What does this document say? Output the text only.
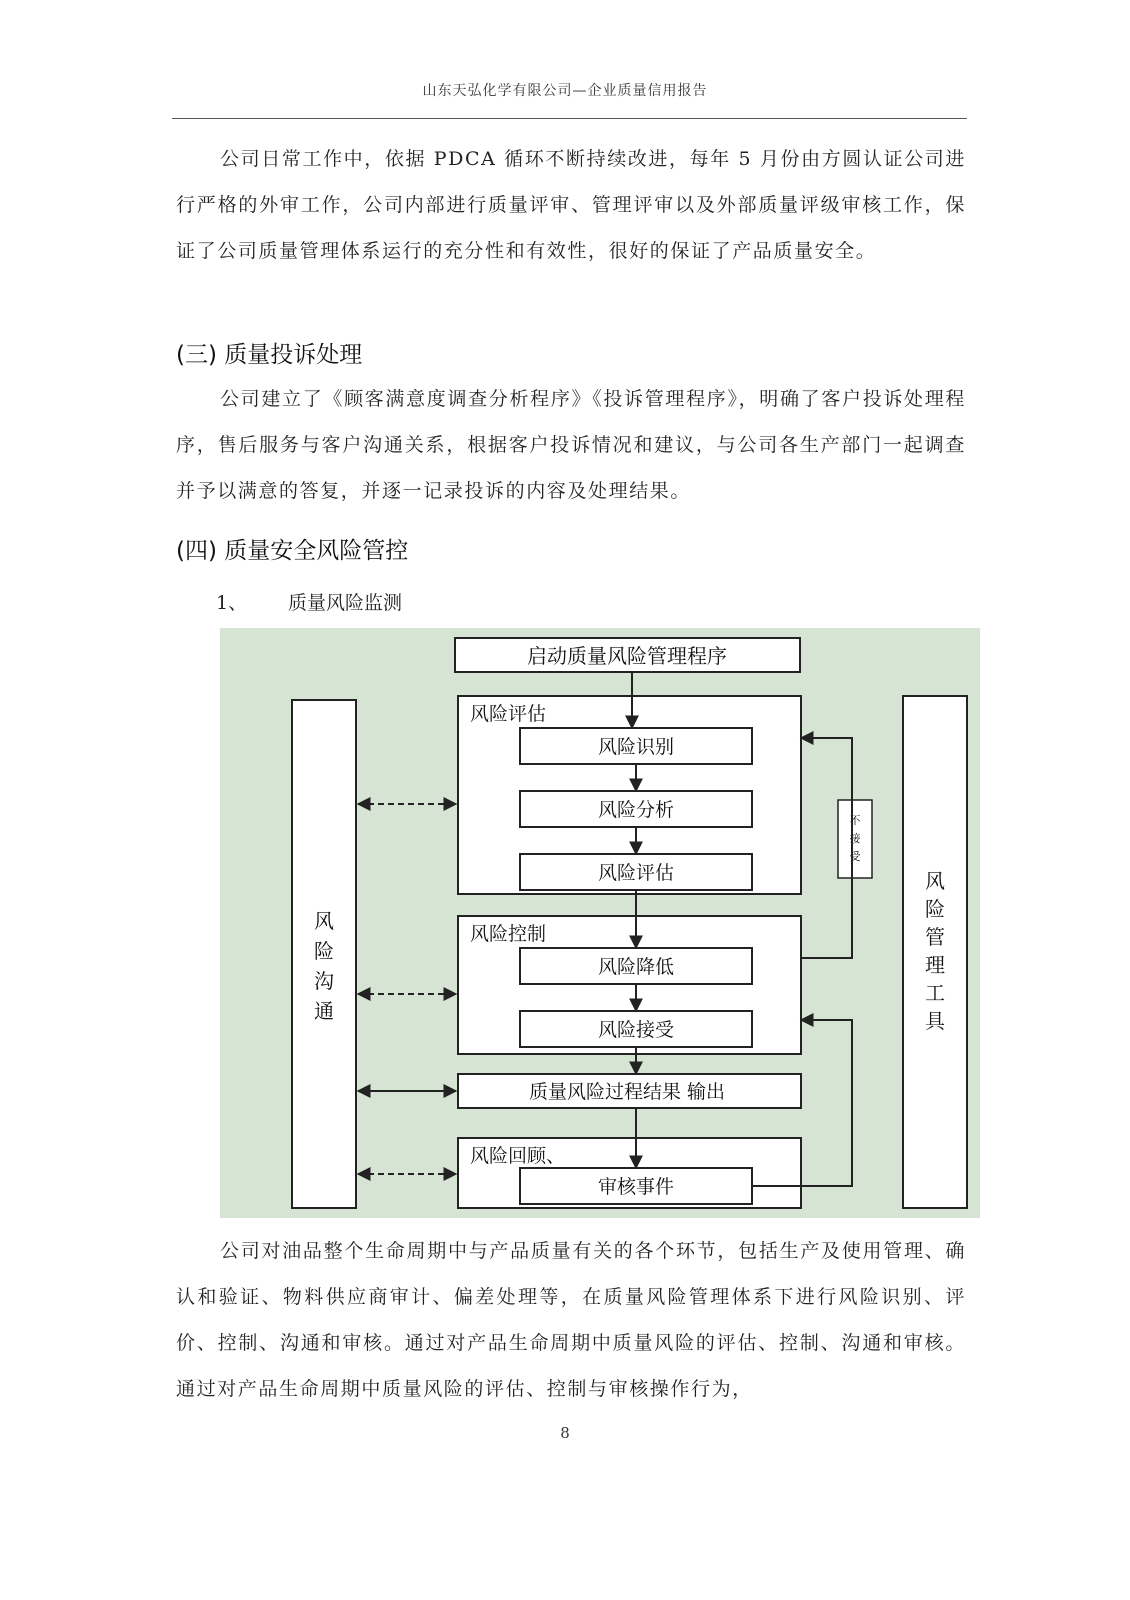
山东天弘化学有限公司—企业质量信用报告

公司日常工作中，依据 PDCA 循环不断持续改进，每年 5 月份由方圆认证公司进行严格的外审工作，公司内部进行质量评审、管理评审以及外部质量评级审核工作，保证了公司质量管理体系运行的充分性和有效性，很好的保证了产品质量安全。

(三) 质量投诉处理

公司建立了《顾客满意度调查分析程序》《投诉管理程序》，明确了客户投诉处理程序，售后服务与客户沟通关系，根据客户投诉情况和建议，与公司各生产部门一起调查并予以满意的答复，并逐一记录投诉的内容及处理结果。

(四) 质量安全风险管控
1、 质量风险监测
启动质量风险管理程序
风
险
沟
通
风
险
管
理
工
具
风险评估
风险识别
风险分析
风险评估
风险控制
风险降低
风险接受
质量风险过程结果 输出
风险回顾、
审核事件
不
接
受

公司对油品整个生命周期中与产品质量有关的各个环节，包括生产及使用管理、确认和验证、物料供应商审计、偏差处理等，在质量风险管理体系下进行风险识别、评价、控制、沟通和审核。通过对产品生命周期中质量风险的评估、控制、沟通和审核。通过对产品生命周期中质量风险的评估、控制与审核操作行为，

8
